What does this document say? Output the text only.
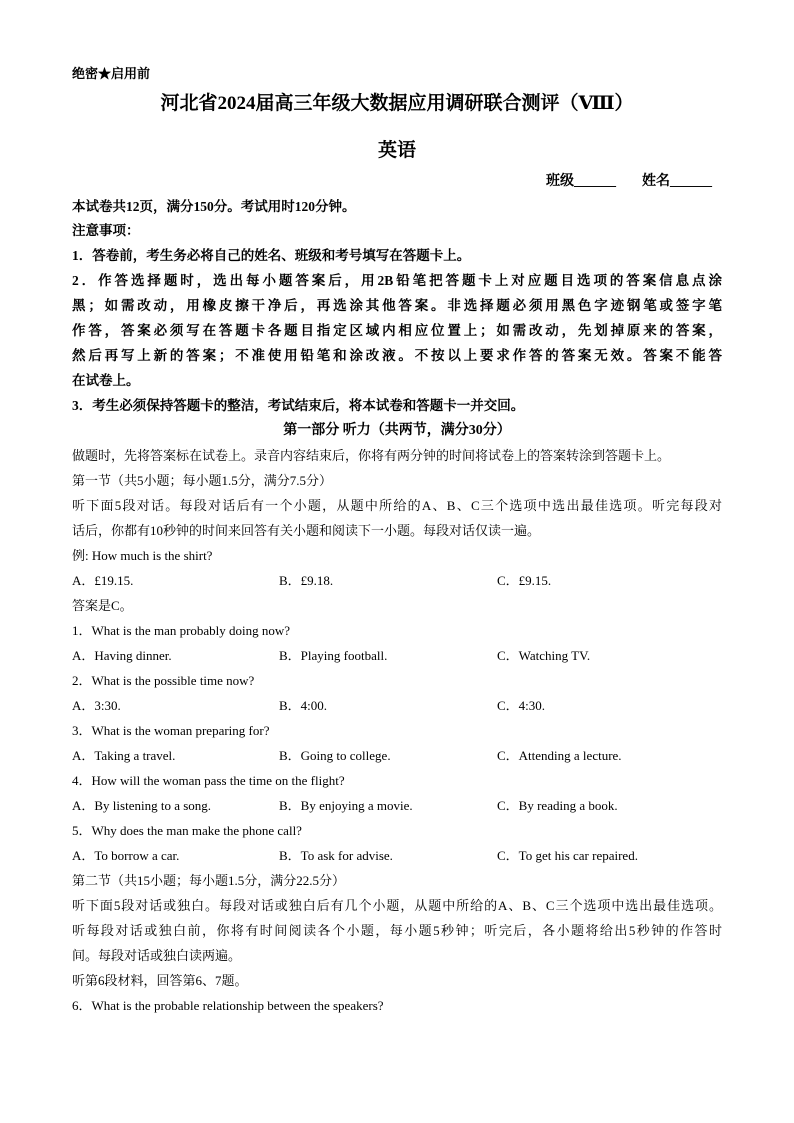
绝密★启用前
河北省2024届高三年级大数据应用调研联合测评（Ⅷ）
英语
班级______ 姓名______
本试卷共12页，满分150分。考试用时120分钟。
注意事项：
1．答卷前，考生务必将自己的姓名、班级和考号填写在答题卡上。
2．作答选择题时，选出每小题答案后，用2B铅笔把答题卡上对应题目选项的答案信息点涂
黑；如需改动，用橡皮擦干净后，再选涂其他答案。非选择题必须用黑色字迹钢笔或签字笔
作答，答案必须写在答题卡各题目指定区域内相应位置上；如需改动，先划掉原来的答案，
然后再写上新的答案；不准使用铅笔和涂改液。不按以上要求作答的答案无效。答案不能答
在试卷上。
3．考生必须保持答题卡的整洁，考试结束后，将本试卷和答题卡一并交回。
第一部分 听力（共两节，满分30分）
做题时，先将答案标在试卷上。录音内容结束后，你将有两分钟的时间将试卷上的答案转涂到答题卡上。
第一节（共5小题；每小题1.5分，满分7.5分）
听下面5段对话。每段对话后有一个小题，从题中所给的A、B、C三个选项中选出最佳选项。听完每段对
话后，你都有10秒钟的时间来回答有关小题和阅读下一小题。每段对话仅读一遍。
例: How much is the shirt?
A．£19.15.	B．£9.18.	C．£9.15.
答案是C。
1．What is the man probably doing now?
A．Having dinner.	B．Playing football.	C．Watching TV.
2．What is the possible time now?
A．3:30.	B．4:00.	C．4:30.
3．What is the woman preparing for?
A．Taking a travel.	B．Going to college.	C．Attending a lecture.
4．How will the woman pass the time on the flight?
A．By listening to a song.	B．By enjoying a movie.	C．By reading a book.
5．Why does the man make the phone call?
A．To borrow a car.	B．To ask for advise.	C．To get his car repaired.
第二节（共15小题；每小题1.5分，满分22.5分）
听下面5段对话或独白。每段对话或独白后有几个小题，从题中所给的A、B、C三个选项中选出最佳选项。
听每段对话或独白前，你将有时间阅读各个小题，每小题5秒钟；听完后，各小题将给出5秒钟的作答时
间。每段对话或独白读两遍。
听第6段材料，回答第6、7题。
6．What is the probable relationship between the speakers?
